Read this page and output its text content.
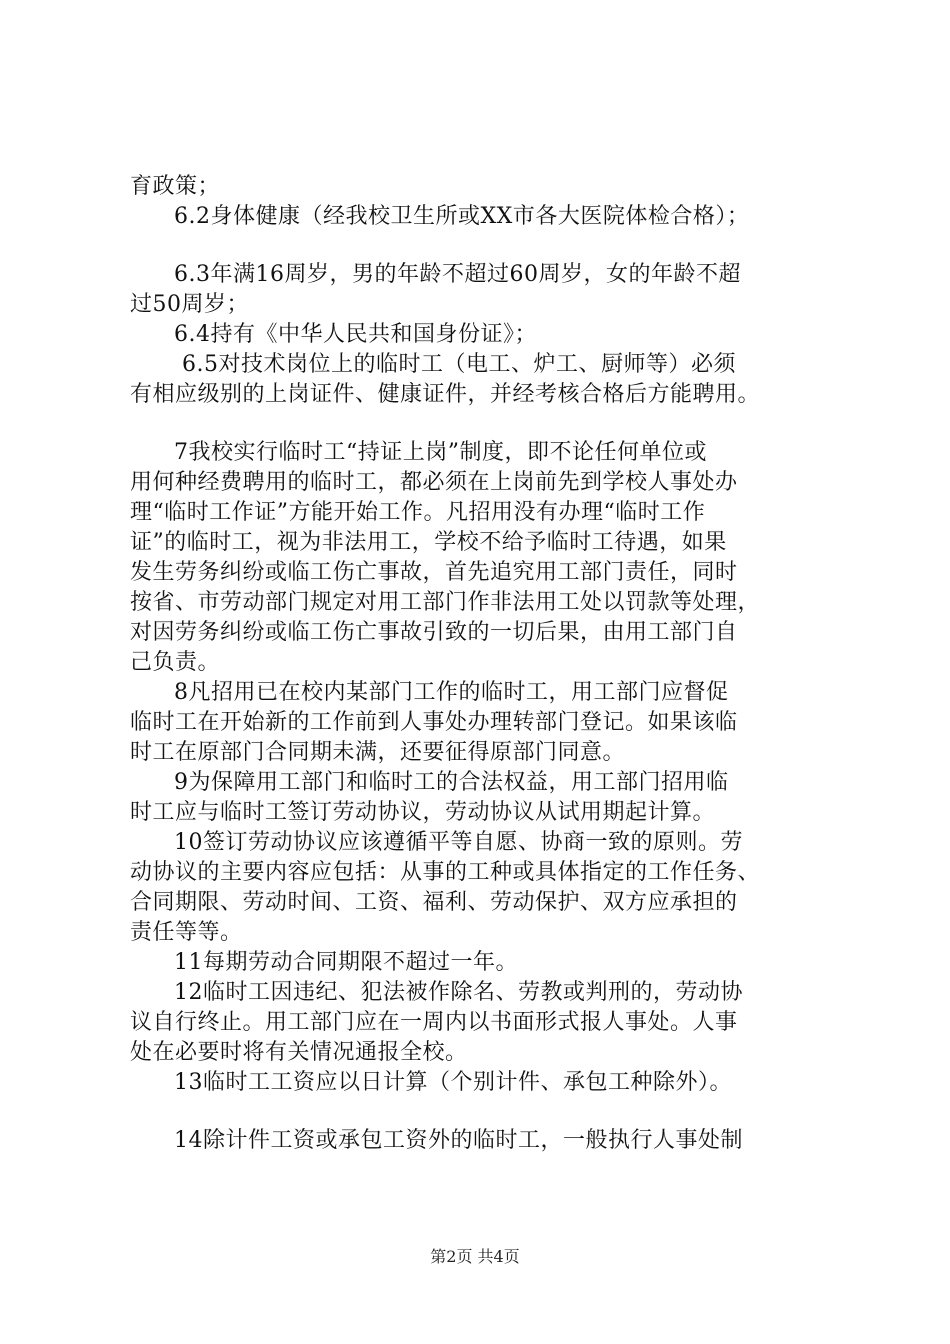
育政策；
6.2身体健康（经我校卫生所或XX市各大医院体检合格）；
6.3年满16周岁，男的年龄不超过60周岁，女的年龄不超
过50周岁；
6.4持有《中华人民共和国身份证》；
6.5对技术岗位上的临时工（电工、炉工、厨师等）必须
有相应级别的上岗证件、健康证件，并经考核合格后方能聘用。
7我校实行临时工“持证上岗”制度，即不论任何单位或
用何种经费聘用的临时工，都必须在上岗前先到学校人事处办
理“临时工作证”方能开始工作。凡招用没有办理“临时工作
证”的临时工，视为非法用工，学校不给予临时工待遇，如果
发生劳务纠纷或临工伤亡事故，首先追究用工部门责任，同时
按省、市劳动部门规定对用工部门作非法用工处以罚款等处理，
对因劳务纠纷或临工伤亡事故引致的一切后果，由用工部门自
己负责。
8凡招用已在校内某部门工作的临时工，用工部门应督促
临时工在开始新的工作前到人事处办理转部门登记。如果该临
时工在原部门合同期未满，还要征得原部门同意。
9为保障用工部门和临时工的合法权益，用工部门招用临
时工应与临时工签订劳动协议，劳动协议从试用期起计算。
10签订劳动协议应该遵循平等自愿、协商一致的原则。劳
动协议的主要内容应包括：从事的工种或具体指定的工作任务、
合同期限、劳动时间、工资、福利、劳动保护、双方应承担的
责任等等。
11每期劳动合同期限不超过一年。
12临时工因违纪、犯法被作除名、劳教或判刑的，劳动协
议自行终止。用工部门应在一周内以书面形式报人事处。人事
处在必要时将有关情况通报全校。
13临时工工资应以日计算（个别计件、承包工种除外）。
14除计件工资或承包工资外的临时工，一般执行人事处制
第2页 共4页
